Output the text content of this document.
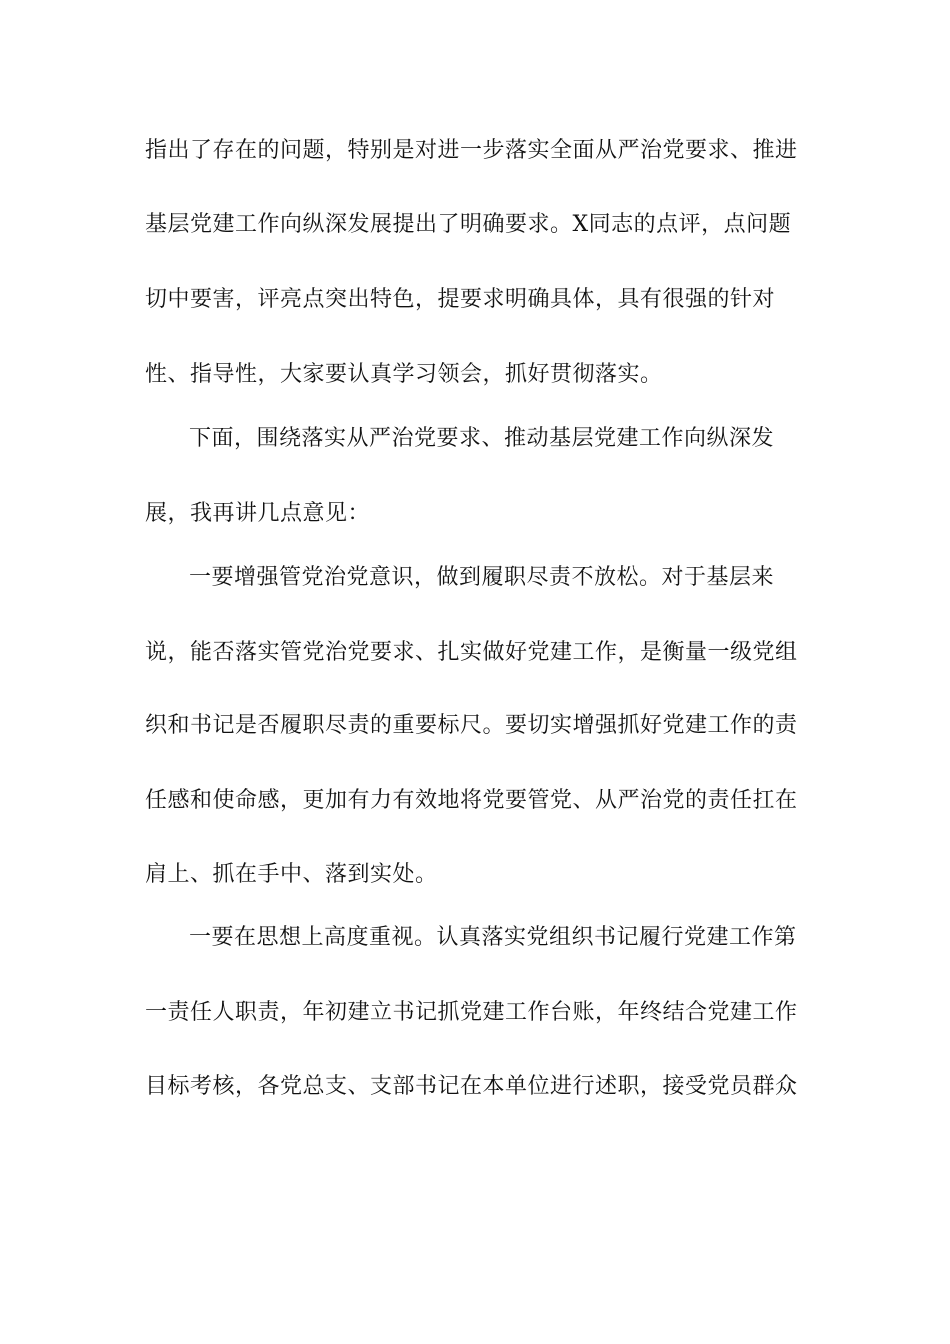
指出了存在的问题，特别是对进一步落实全面从严治党要求、推进

基层党建工作向纵深发展提出了明确要求。X同志的点评，点问题

切中要害，评亮点突出特色，提要求明确具体，具有很强的针对

性、指导性，大家要认真学习领会，抓好贯彻落实。

下面，围绕落实从严治党要求、推动基层党建工作向纵深发

展，我再讲几点意见：

一要增强管党治党意识，做到履职尽责不放松。对于基层来

说，能否落实管党治党要求、扎实做好党建工作，是衡量一级党组

织和书记是否履职尽责的重要标尺。要切实增强抓好党建工作的责

任感和使命感，更加有力有效地将党要管党、从严治党的责任扛在

肩上、抓在手中、落到实处。

一要在思想上高度重视。认真落实党组织书记履行党建工作第

一责任人职责，年初建立书记抓党建工作台账，年终结合党建工作

目标考核，各党总支、支部书记在本单位进行述职，接受党员群众
